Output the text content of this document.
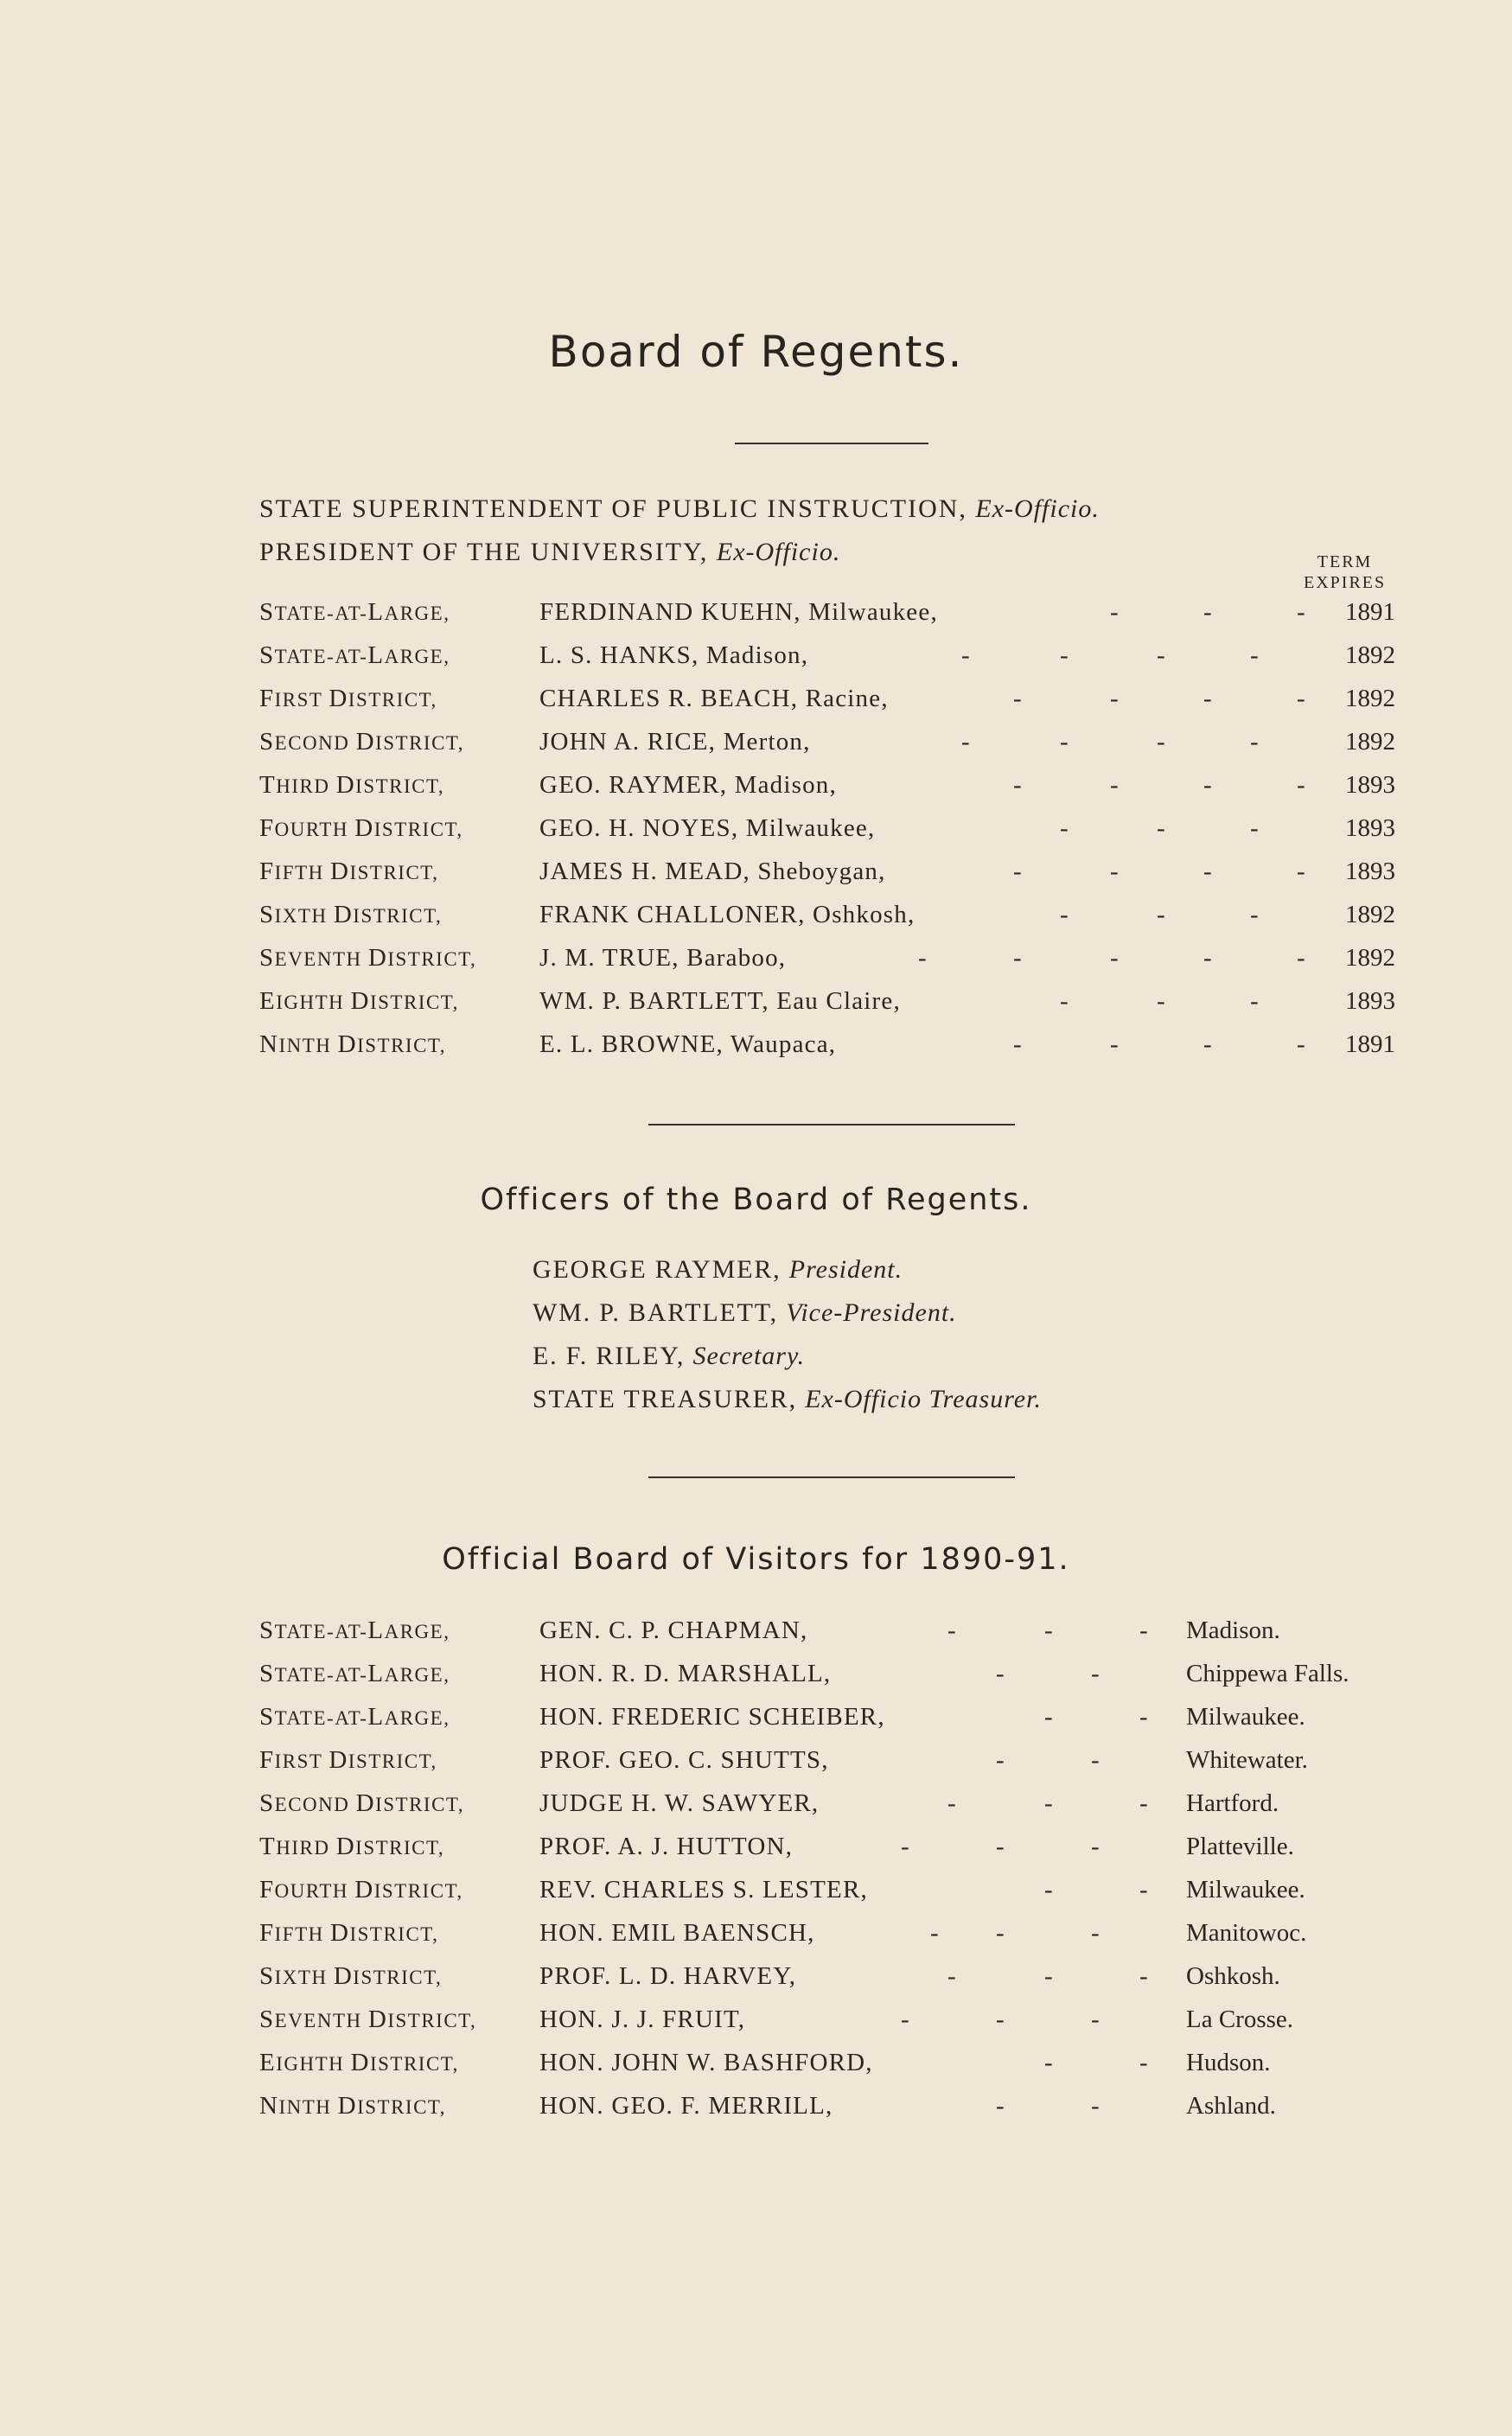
Board of Regents.
STATE SUPERINTENDENT OF PUBLIC INSTRUCTION, Ex-Officio.
PRESIDENT OF THE UNIVERSITY, Ex-Officio.	TERM
EXPIRES
STATE-AT-LARGE,	FERDINAND KUEHN, Milwaukee,	-	-	- 1891
STATE-AT-LARGE,	L. S. HANKS, Madison,	-	-	-	-	1892
FIRST DISTRICT,	CHARLES R. BEACH, Racine,	-	-	-	- 1892
SECOND DISTRICT,	JOHN A. RICE, Merton,	-	-	-	-	1892
THIRD DISTRICT,	GEO. RAYMER, Madison,	-	-	-	- 1893
FOURTH DISTRICT,	GEO. H. NOYES, Milwaukee,	-	-	-	1893
FIFTH DISTRICT,	JAMES H. MEAD, Sheboygan,	-	-	-	- 1893
SIXTH DISTRICT,	FRANK CHALLONER, Oshkosh,	-	-	-	1892
SEVENTH DISTRICT,	J. M. TRUE, Baraboo,	-	-	-	-	- 1892
EIGHTH DISTRICT,	WM. P. BARTLETT, Eau Claire,	-	-	-	1893
NINTH DISTRICT,	E. L. BROWNE, Waupaca,	-	-	-	- 1891
Officers of the Board of Regents.
GEORGE RAYMER, President.
WM. P. BARTLETT, Vice-President.
E. F. RILEY, Secretary.
STATE TREASURER, Ex-Officio Treasurer.
Official Board of Visitors for 1890-91.
STATE-AT-LARGE,	GEN. C. P. CHAPMAN,	-	-	- Madison.
STATE-AT-LARGE,	HON. R. D. MARSHALL,	-	-	Chippewa Falls.
STATE-AT-LARGE,	HON. FREDERIC SCHEIBER,	-	- Milwaukee.
FIRST DISTRICT,	PROF. GEO. C. SHUTTS,	-	-	Whitewater.
SECOND DISTRICT,	JUDGE H. W. SAWYER,	-	-	- Hartford.
THIRD DISTRICT,	PROF. A. J. HUTTON,	-	-	-	Platteville.
FOURTH DISTRICT,	REV. CHARLES S. LESTER,	-	- Milwaukee.
FIFTH DISTRICT,	HON. EMIL BAENSCH,	- -	-	Manitowoc.
SIXTH DISTRICT,	PROF. L. D. HARVEY,	-	-	- Oshkosh.
SEVENTH DISTRICT,	HON. J. J. FRUIT,	-	-	-	La Crosse.
EIGHTH DISTRICT,	HON. JOHN W. BASHFORD,	-	- Hudson.
NINTH DISTRICT,	HON. GEO. F. MERRILL,	-	-	Ashland.
